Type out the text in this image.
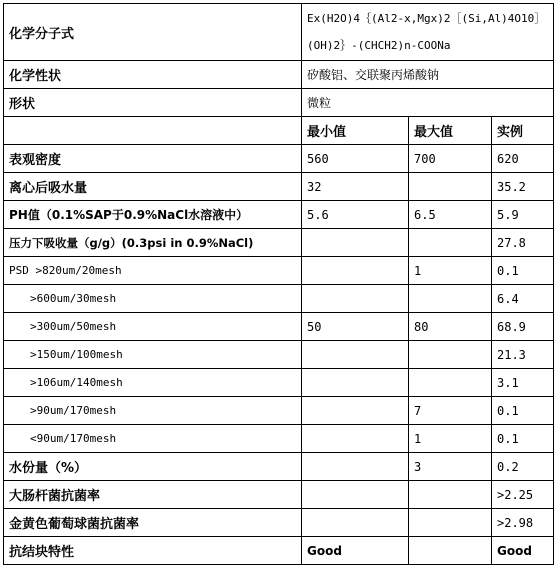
化学分子式	Ex(H2O)4｛(Al2-x,Mgx)2［(Si,Al)4O10］
(OH)2｝-(CHCH2)n-COONa		

化学性状	矽酸铝、交联聚丙烯酸钠		
形状	微粒		
	最小值	最大值	实例
表观密度	560	700	620
离心后吸水量	32		35.2
PH值（0.1%SAP于0.9%NaCl水溶液中）	5.6	6.5	5.9
压力下吸收量（g/g）(0.3psi in 0.9%NaCl)			27.8
PSD >820um/20mesh		1	0.1
>600um/30mesh			6.4
>300um/50mesh	50	80	68.9
>150um/100mesh			21.3
>106um/140mesh			3.1
>90um/170mesh		7	0.1
<90um/170mesh		1	0.1
水份量（%）		3	0.2
大肠杆菌抗菌率			>2.25
金黄色葡萄球菌抗菌率			>2.98
抗结块特性	Good		Good
